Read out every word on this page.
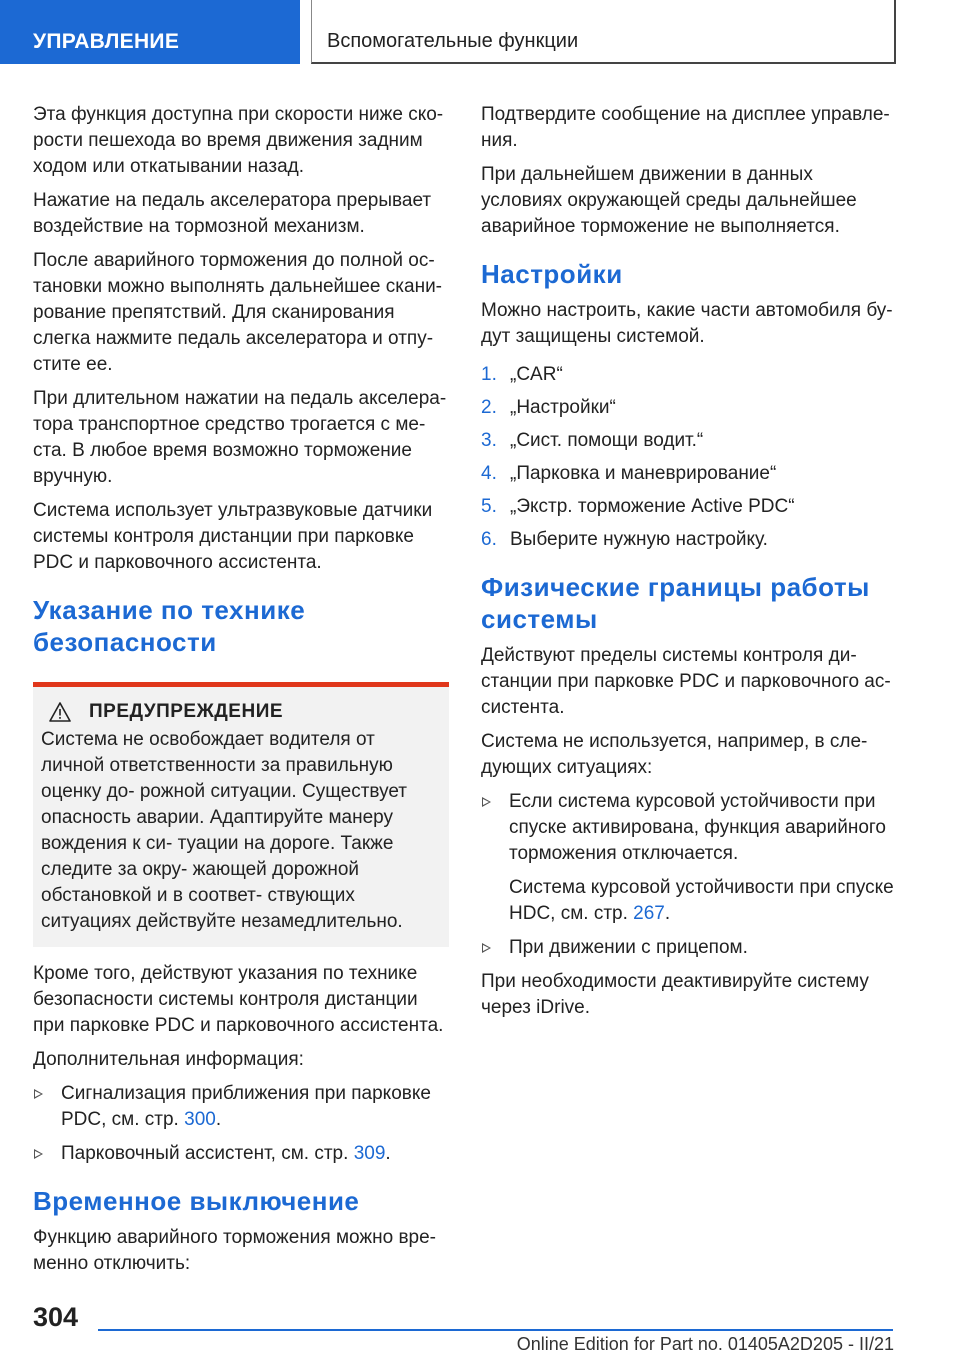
УПРАВЛЕНИЕ	Вспомогательные функции

Эта функция доступна при скорости ниже ско- рости пешехода во время движения задним ходом или откатывании назад.

Нажатие на педаль акселератора прерывает воздействие на тормозной механизм.

После аварийного торможения до полной ос- тановки можно выполнять дальнейшее скани- рование препятствий. Для сканирования слегка нажмите педаль акселератора и отпу- стите ее.

При длительном нажатии на педаль акселера- тора транспортное средство трогается с ме- ста. В любое время возможно торможение вручную.

Система использует ультразвуковые датчики системы контроля дистанции при парковке PDC и парковочного ассистента.

Указание по технике безопасности
ПРЕДУПРЕЖДЕНИЕ

Система не освобождает водителя от личной ответственности за правильную оценку до- рожной ситуации. Существует опасность аварии. Адаптируйте манеру вождения к си- туации на дороге. Также следите за окру- жающей дорожной обстановкой и в соответ- ствующих ситуациях действуйте незамедлительно.

Кроме того, действуют указания по технике безопасности системы контроля дистанции при парковке PDC и парковочного ассистента.

Дополнительная информация:

Сигнализация приближения при парковке PDC, см. стр. 300.
Парковочный ассистент, см. стр. 309.
Временное выключение

Функцию аварийного торможения можно вре- менно отключить:

Подтвердите сообщение на дисплее управле- ния.

При дальнейшем движении в данных условиях окружающей среды дальнейшее аварийное торможение не выполняется.

Настройки

Можно настроить, какие части автомобиля бу- дут защищены системой.

1. „CAR“
2. „Настройки“
3. „Сист. помощи водит.“
4. „Парковка и маневрирование“
5. „Экстр. торможение Active PDC“
6. Выберите нужную настройку.
Физические границы работы системы

Действуют пределы системы контроля ди- станции при парковке PDC и парковочного ас- систента.

Система не используется, например, в сле- дующих ситуациях:

Если система курсовой устойчивости при спуске активирована, функция аварийного торможения отключается.

Система курсовой устойчивости при спуске HDC, см. стр. 267.

При движении с прицепом.

При необходимости деактивируйте систему через iDrive.

304
Online Edition for Part no. 01405A2D205 - II/21
